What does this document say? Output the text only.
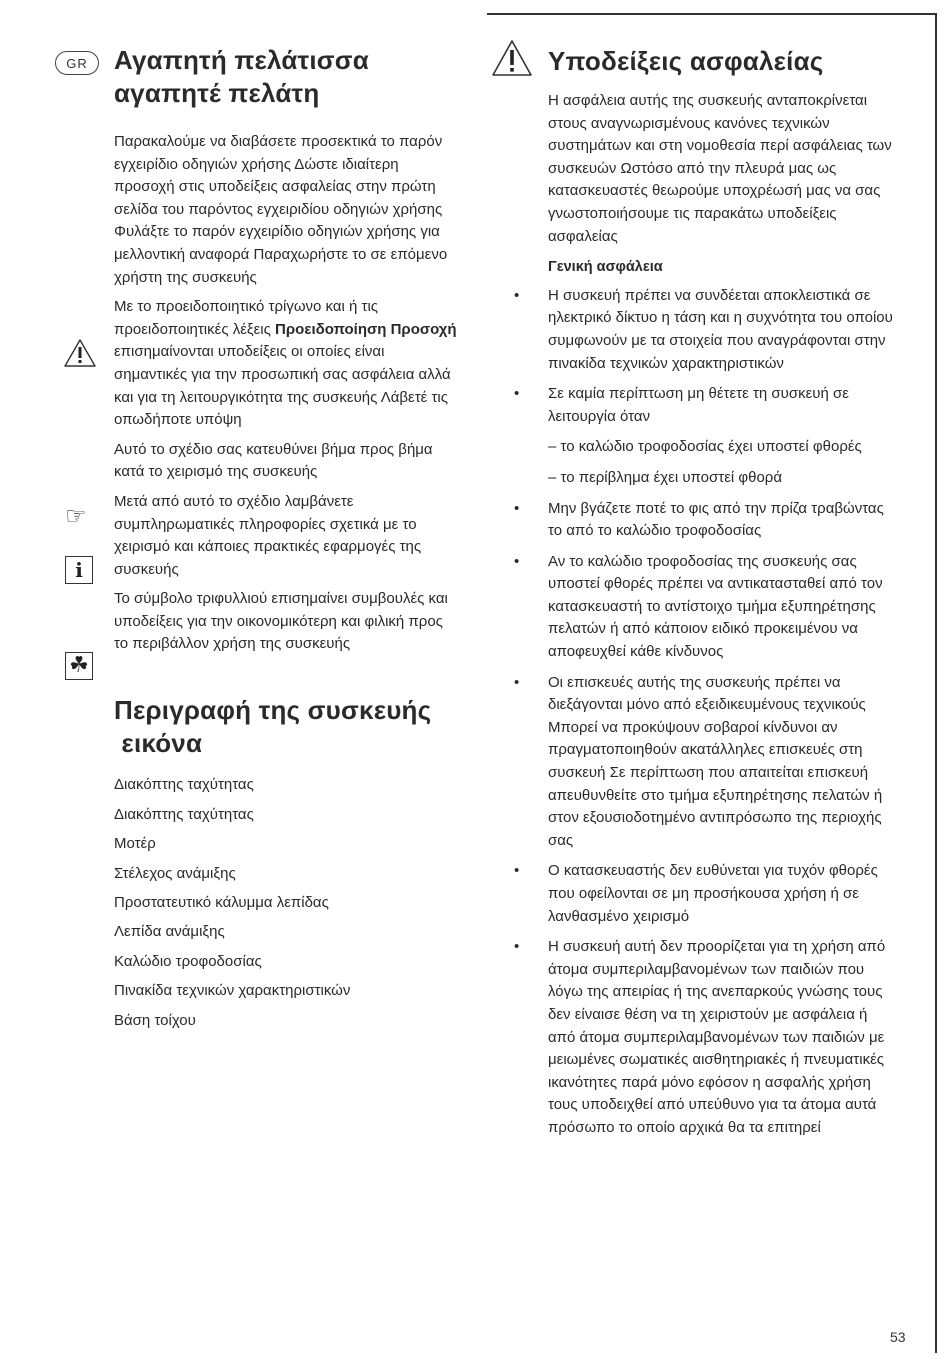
GR	Αγαπητή πελάτισσα
αγαπητέ πελάτη

Παρακαλούμε να διαβάσετε προσεκτικά το παρόν εγχειρίδιο οδηγιών χρήσης Δώστε ιδιαίτερη προσοχή στις υποδείξεις ασφαλείας στην πρώτη σελίδα του παρόντος εγχειριδίου οδηγιών χρήσης Φυλάξτε το παρόν εγχειρίδιο οδηγιών χρήσης για μελλοντική αναφορά Παραχωρήστε το σε επόμενο χρήστη της συσκευής

Με το προειδοποιητικό τρίγωνο και ή τις προειδοποιητικές λέξεις Προειδοποίηση Προσοχή επισημαίνονται υποδείξεις οι οποίες είναι σημαντικές για την προσωπική σας ασφάλεια αλλά και για τη λειτουργικότητα της συσκευής Λάβετέ τις οπωδήποτε υπόψη

Αυτό το σχέδιο σας κατευθύνει βήμα προς βήμα κατά το χειρισμό της συσκευής

Μετά από αυτό το σχέδιο λαμβάνετε συμπληρωματικές πληροφορίες σχετικά με το χειρισμό και κάποιες πρακτικές εφαρμογές της συσκευής

Το σύμβολο τριφυλλιού επισημαίνει συμβουλές και υποδείξεις για την οικονομικότερη και φιλική προς το περιβάλλον χρήση της συσκευής

Περιγραφή της συσκευής
εικόνα

Διακόπτης ταχύτητας

Διακόπτης ταχύτητας

Μοτέρ

Στέλεχος ανάμιξης

Προστατευτικό κάλυμμα λεπίδας

Λεπίδα ανάμιξης

Καλώδιο τροφοδοσίας

Πινακίδα τεχνικών χαρακτηριστικών

Βάση τοίχου

☞
i
☘
Υποδείξεις ασφαλείας

Η ασφάλεια αυτής της συσκευής ανταποκρίνεται στους αναγνωρισμένους κανόνες τεχνικών συστημάτων και στη νομοθεσία περί ασφάλειας των συσκευών Ωστόσο από την πλευρά μας ως κατασκευαστές θεωρούμε υποχρέωσή μας να σας γνωστοποιήσουμε τις παρακάτω υποδείξεις ασφαλείας

Γενική ασφάλεια

• Η συσκευή πρέπει να συνδέεται αποκλειστικά σε ηλεκτρικό δίκτυο η τάση και η συχνότητα του οποίου συμφωνούν με τα στοιχεία που αναγράφονται στην πινακίδα τεχνικών χαρακτηριστικών
• Σε καμία περίπτωση μη θέτετε τη συσκευή σε λειτουργία όταν

– το καλώδιο τροφοδοσίας έχει υποστεί φθορές

– το περίβλημα έχει υποστεί φθορά

• Μην βγάζετε ποτέ το φις από την πρίζα τραβώντας το από το καλώδιο τροφοδοσίας
• Αν το καλώδιο τροφοδοσίας της συσκευής σας υποστεί φθορές πρέπει να αντικατασταθεί από τον κατασκευαστή το αντίστοιχο τμήμα εξυπηρέτησης πελατών ή από κάποιον ειδικό προκειμένου να αποφευχθεί κάθε κίνδυνος
• Οι επισκευές αυτής της συσκευής πρέπει να διεξάγονται μόνο από εξειδικευμένους τεχνικούς Μπορεί να προκύψουν σοβαροί κίνδυνοι αν πραγματοποιηθούν ακατάλληλες επισκευές στη συσκευή Σε περίπτωση που απαιτείται επισκευή απευθυνθείτε στο τμήμα εξυπηρέτησης πελατών ή στον εξουσιοδοτημένο αντιπρόσωπο της περιοχής σας
• Ο κατασκευαστής δεν ευθύνεται για τυχόν φθορές που οφείλονται σε μη προσήκουσα χρήση ή σε λανθασμένο χειρισμό
• Η συσκευή αυτή δεν προορίζεται για τη χρήση από άτομα συμπεριλαμβανομένων των παιδιών που λόγω της απειρίας ή της ανεπαρκούς γνώσης τους δεν είναισε θέση να τη χειριστούν με ασφάλεια ή από άτομα συμπεριλαμβανομένων των παιδιών με μειωμένες σωματικές αισθητηριακές ή πνευματικές ικανότητες παρά μόνο εφόσον η ασφαλής χρήση τους υποδειχθεί από υπεύθυνο για τα άτομα αυτά πρόσωπο το οποίο αρχικά θα τα επιτηρεί
53
